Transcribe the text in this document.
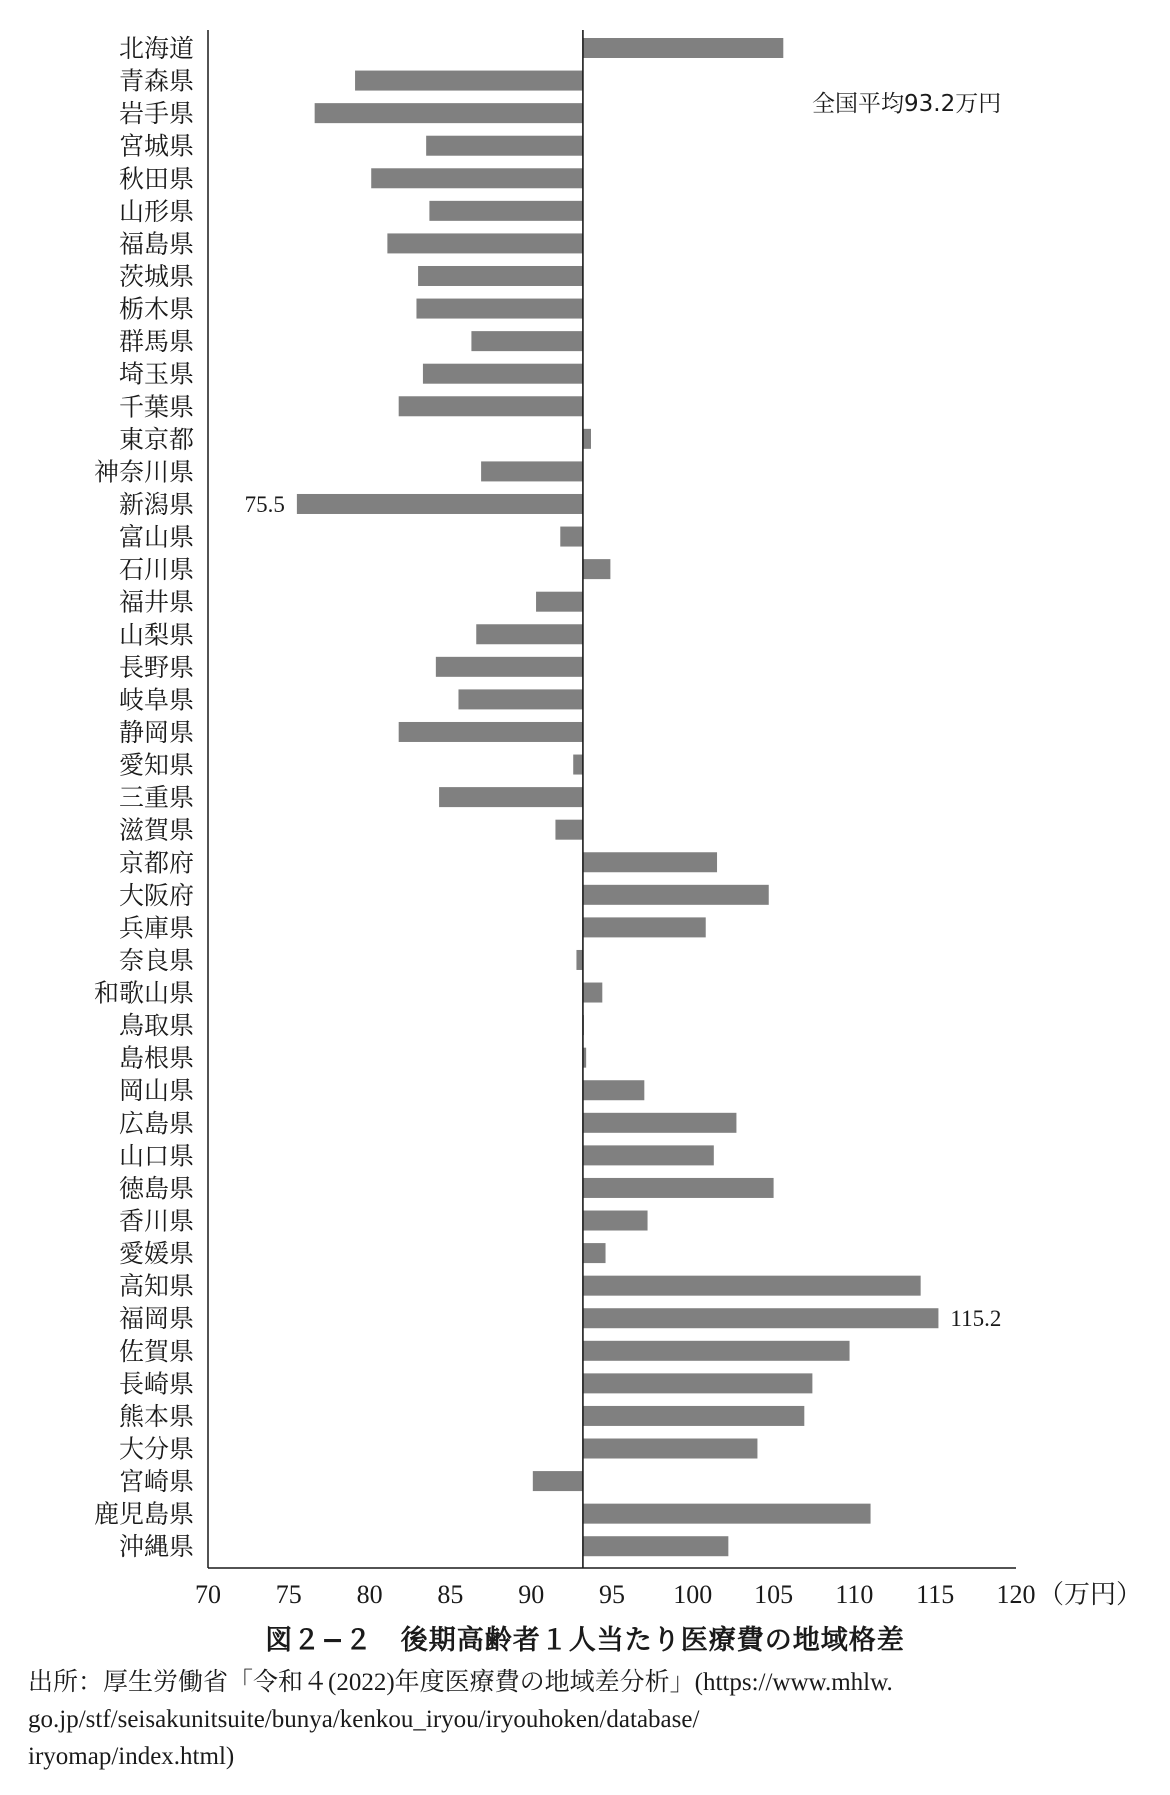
北海道
青森県
岩手県
宮城県
秋田県
山形県
福島県
茨城県
栃木県
群馬県
埼玉県
千葉県
東京都
神奈川県
新潟県
富山県
石川県
福井県
山梨県
長野県
岐阜県
静岡県
愛知県
三重県
滋賀県
京都府
大阪府
兵庫県
奈良県
和歌山県
鳥取県
島根県
岡山県
広島県
山口県
徳島県
香川県
愛媛県
高知県
福岡県
佐賀県
長崎県
熊本県
大分県
宮崎県
鹿児島県
沖縄県
70 75 80 85 90 95 100 105 110 115 120
75.5
115.2
全国平均93.2万円
（万円）
図２−２　後期高齢者１人当たり医療費の地域格差
出所：厚生労働省「令和４(2022)年度医療費の地域差分析」(https://www.mhlw.
go.jp/stf/seisakunitsuite/bunya/kenkou_iryou/iryouhoken/database/
iryomap/index.html)
